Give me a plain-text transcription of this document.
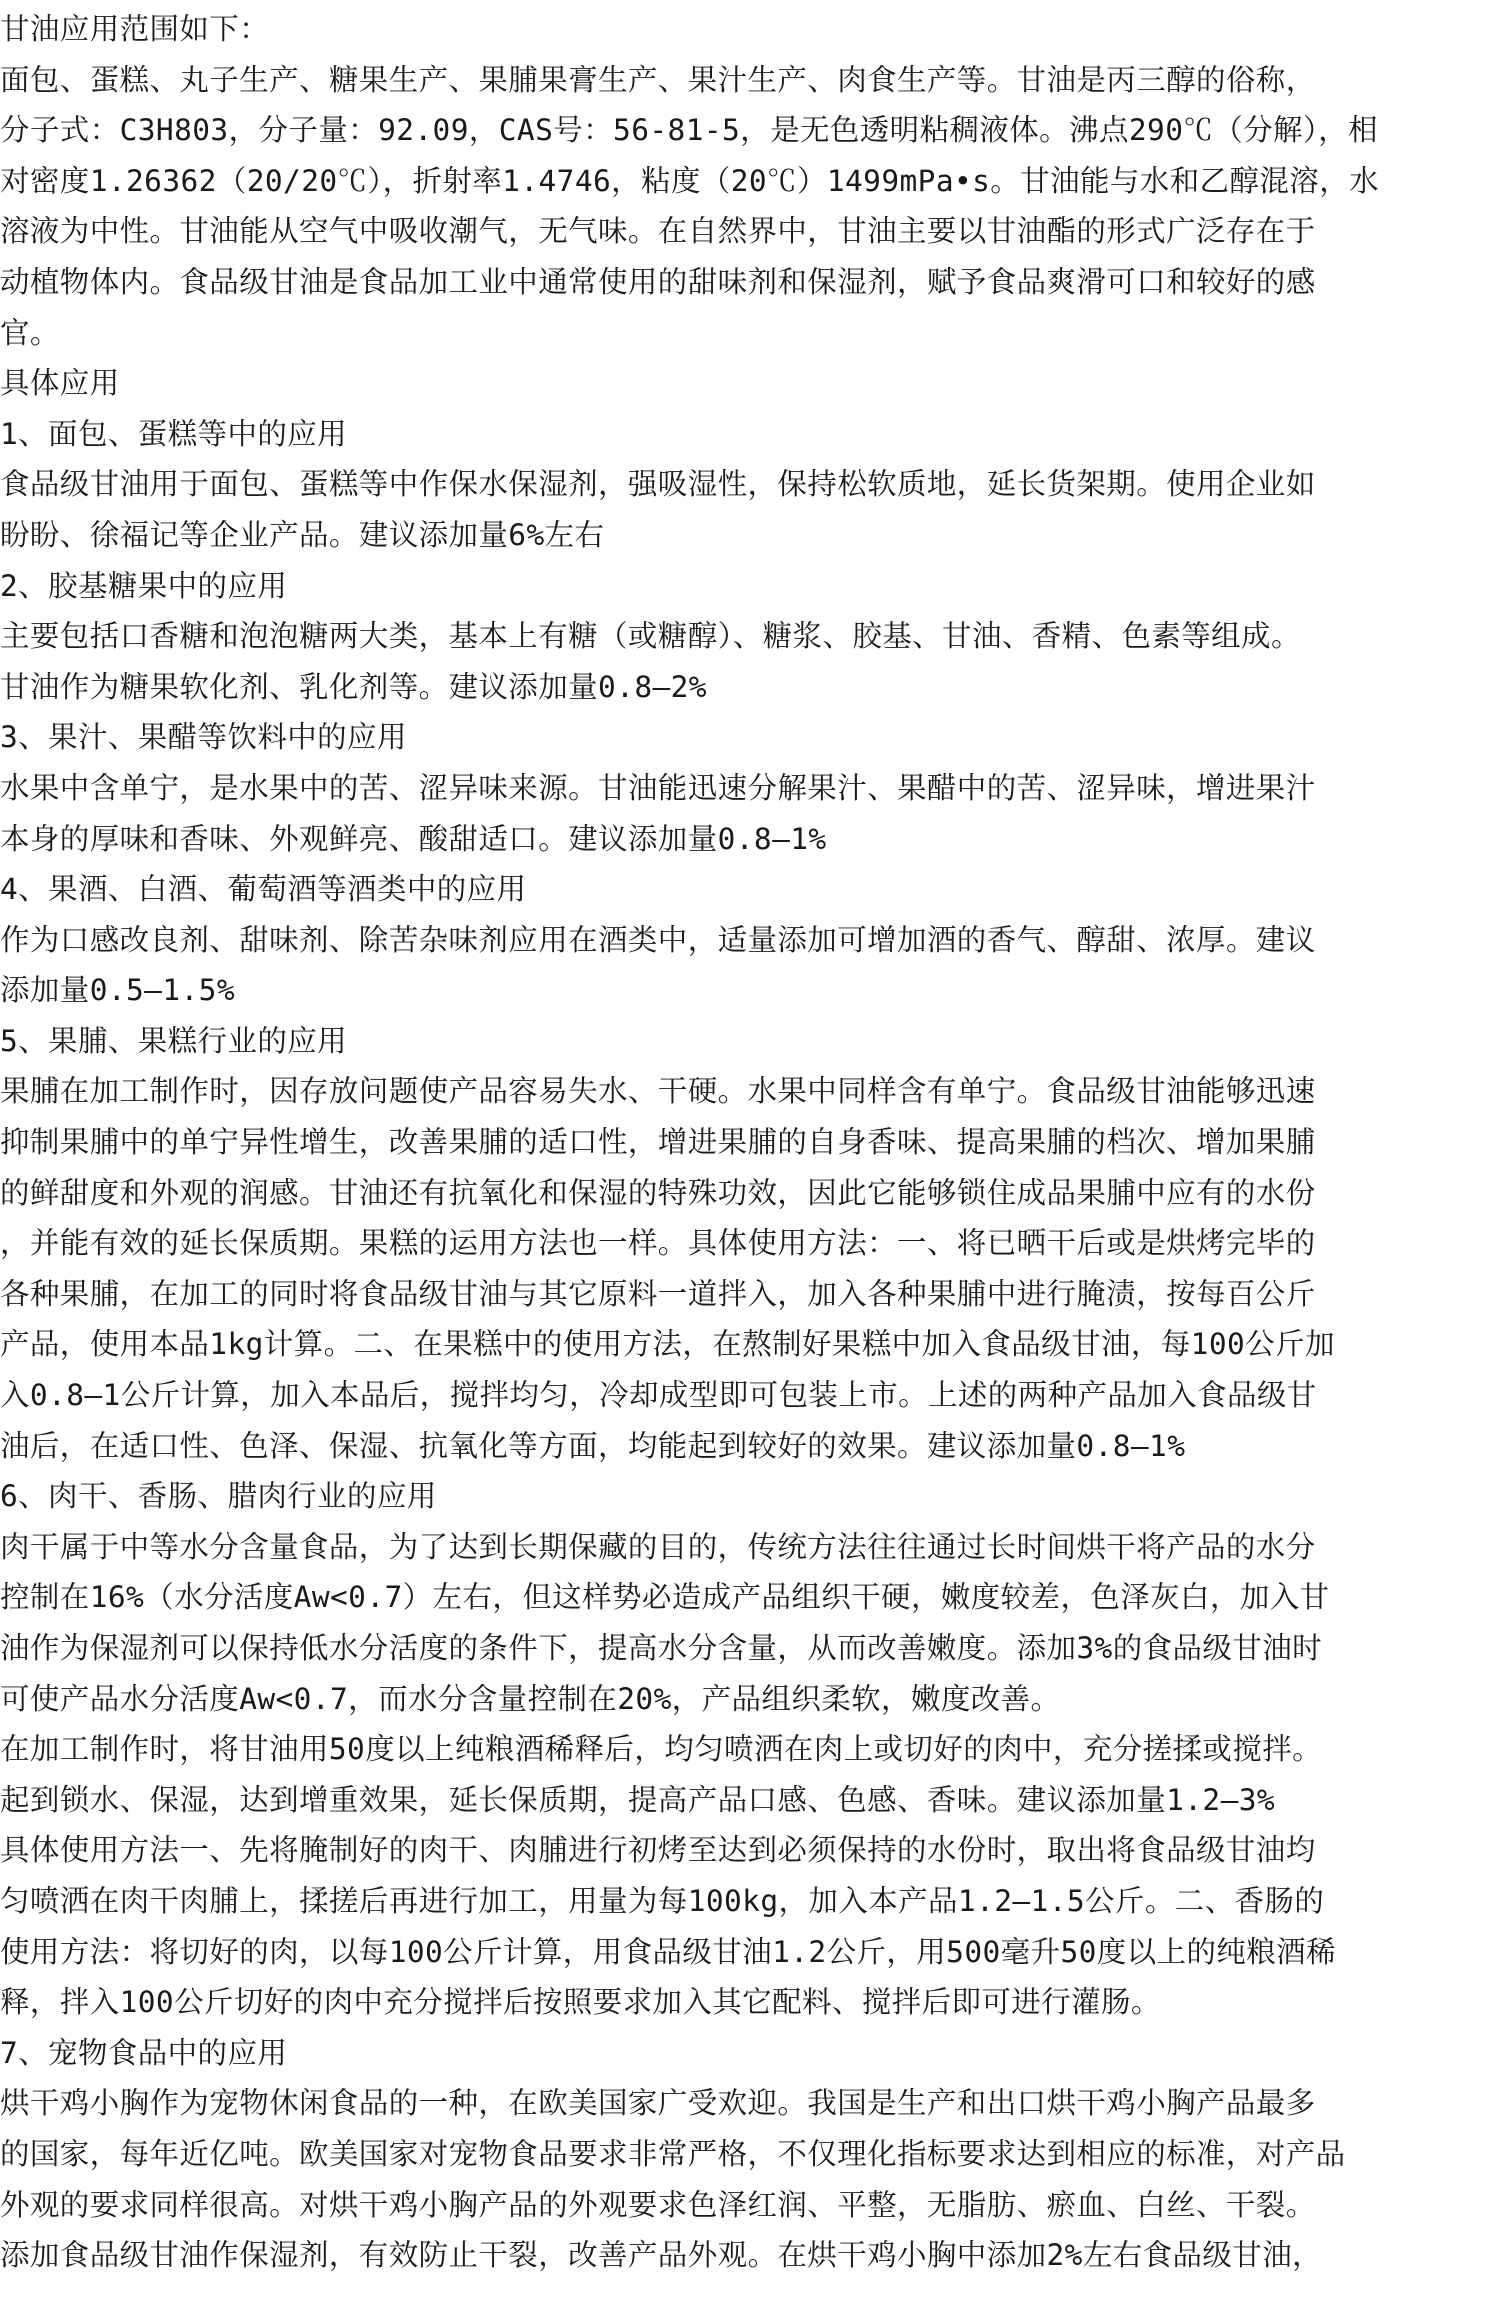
甘油应用范围如下：
面包、蛋糕、丸子生产、糖果生产、果脯果膏生产、果汁生产、肉食生产等。甘油是丙三醇的俗称，
分子式：C3H803，分子量：92.09，CAS号：56-81-5，是无色透明粘稠液体。沸点290℃（分解），相
对密度1.26362（20/20℃），折射率1.4746，粘度（20℃）1499mPa•s。甘油能与水和乙醇混溶，水
溶液为中性。甘油能从空气中吸收潮气，无气味。在自然界中，甘油主要以甘油酯的形式广泛存在于
动植物体内。食品级甘油是食品加工业中通常使用的甜味剂和保湿剂，赋予食品爽滑可口和较好的感
官。
具体应用
1、面包、蛋糕等中的应用
食品级甘油用于面包、蛋糕等中作保水保湿剂，强吸湿性，保持松软质地，延长货架期。使用企业如
盼盼、徐福记等企业产品。建议添加量6%左右
2、胶基糖果中的应用
主要包括口香糖和泡泡糖两大类，基本上有糖（或糖醇）、糖浆、胶基、甘油、香精、色素等组成。
甘油作为糖果软化剂、乳化剂等。建议添加量0.8—2%
3、果汁、果醋等饮料中的应用
水果中含单宁，是水果中的苦、涩异味来源。甘油能迅速分解果汁、果醋中的苦、涩异味，增进果汁
本身的厚味和香味、外观鲜亮、酸甜适口。建议添加量0.8—1%
4、果酒、白酒、葡萄酒等酒类中的应用
作为口感改良剂、甜味剂、除苦杂味剂应用在酒类中，适量添加可增加酒的香气、醇甜、浓厚。建议
添加量0.5—1.5%
5、果脯、果糕行业的应用
果脯在加工制作时，因存放问题使产品容易失水、干硬。水果中同样含有单宁。食品级甘油能够迅速
抑制果脯中的单宁异性增生，改善果脯的适口性，增进果脯的自身香味、提高果脯的档次、增加果脯
的鲜甜度和外观的润感。甘油还有抗氧化和保湿的特殊功效，因此它能够锁住成品果脯中应有的水份
，并能有效的延长保质期。果糕的运用方法也一样。具体使用方法：一、将已晒干后或是烘烤完毕的
各种果脯，在加工的同时将食品级甘油与其它原料一道拌入，加入各种果脯中进行腌渍，按每百公斤
产品，使用本品1kg计算。二、在果糕中的使用方法，在熬制好果糕中加入食品级甘油，每100公斤加
入0.8—1公斤计算，加入本品后，搅拌均匀，冷却成型即可包装上市。上述的两种产品加入食品级甘
油后，在适口性、色泽、保湿、抗氧化等方面，均能起到较好的效果。建议添加量0.8—1%
6、肉干、香肠、腊肉行业的应用
肉干属于中等水分含量食品，为了达到长期保藏的目的，传统方法往往通过长时间烘干将产品的水分
控制在16%（水分活度Aw<0.7）左右，但这样势必造成产品组织干硬，嫩度较差，色泽灰白，加入甘
油作为保湿剂可以保持低水分活度的条件下，提高水分含量，从而改善嫩度。添加3%的食品级甘油时
可使产品水分活度Aw<0.7，而水分含量控制在20%，产品组织柔软，嫩度改善。
在加工制作时，将甘油用50度以上纯粮酒稀释后，均匀喷洒在肉上或切好的肉中，充分搓揉或搅拌。
起到锁水、保湿，达到增重效果，延长保质期，提高产品口感、色感、香味。建议添加量1.2—3%
具体使用方法一、先将腌制好的肉干、肉脯进行初烤至达到必须保持的水份时，取出将食品级甘油均
匀喷洒在肉干肉脯上，揉搓后再进行加工，用量为每100kg，加入本产品1.2—1.5公斤。二、香肠的
使用方法：将切好的肉，以每100公斤计算，用食品级甘油1.2公斤，用500毫升50度以上的纯粮酒稀
释，拌入100公斤切好的肉中充分搅拌后按照要求加入其它配料、搅拌后即可进行灌肠。
7、宠物食品中的应用
烘干鸡小胸作为宠物休闲食品的一种，在欧美国家广受欢迎。我国是生产和出口烘干鸡小胸产品最多
的国家，每年近亿吨。欧美国家对宠物食品要求非常严格，不仅理化指标要求达到相应的标准，对产品
外观的要求同样很高。对烘干鸡小胸产品的外观要求色泽红润、平整，无脂肪、瘀血、白丝、干裂。
添加食品级甘油作保湿剂，有效防止干裂，改善产品外观。在烘干鸡小胸中添加2%左右食品级甘油，
